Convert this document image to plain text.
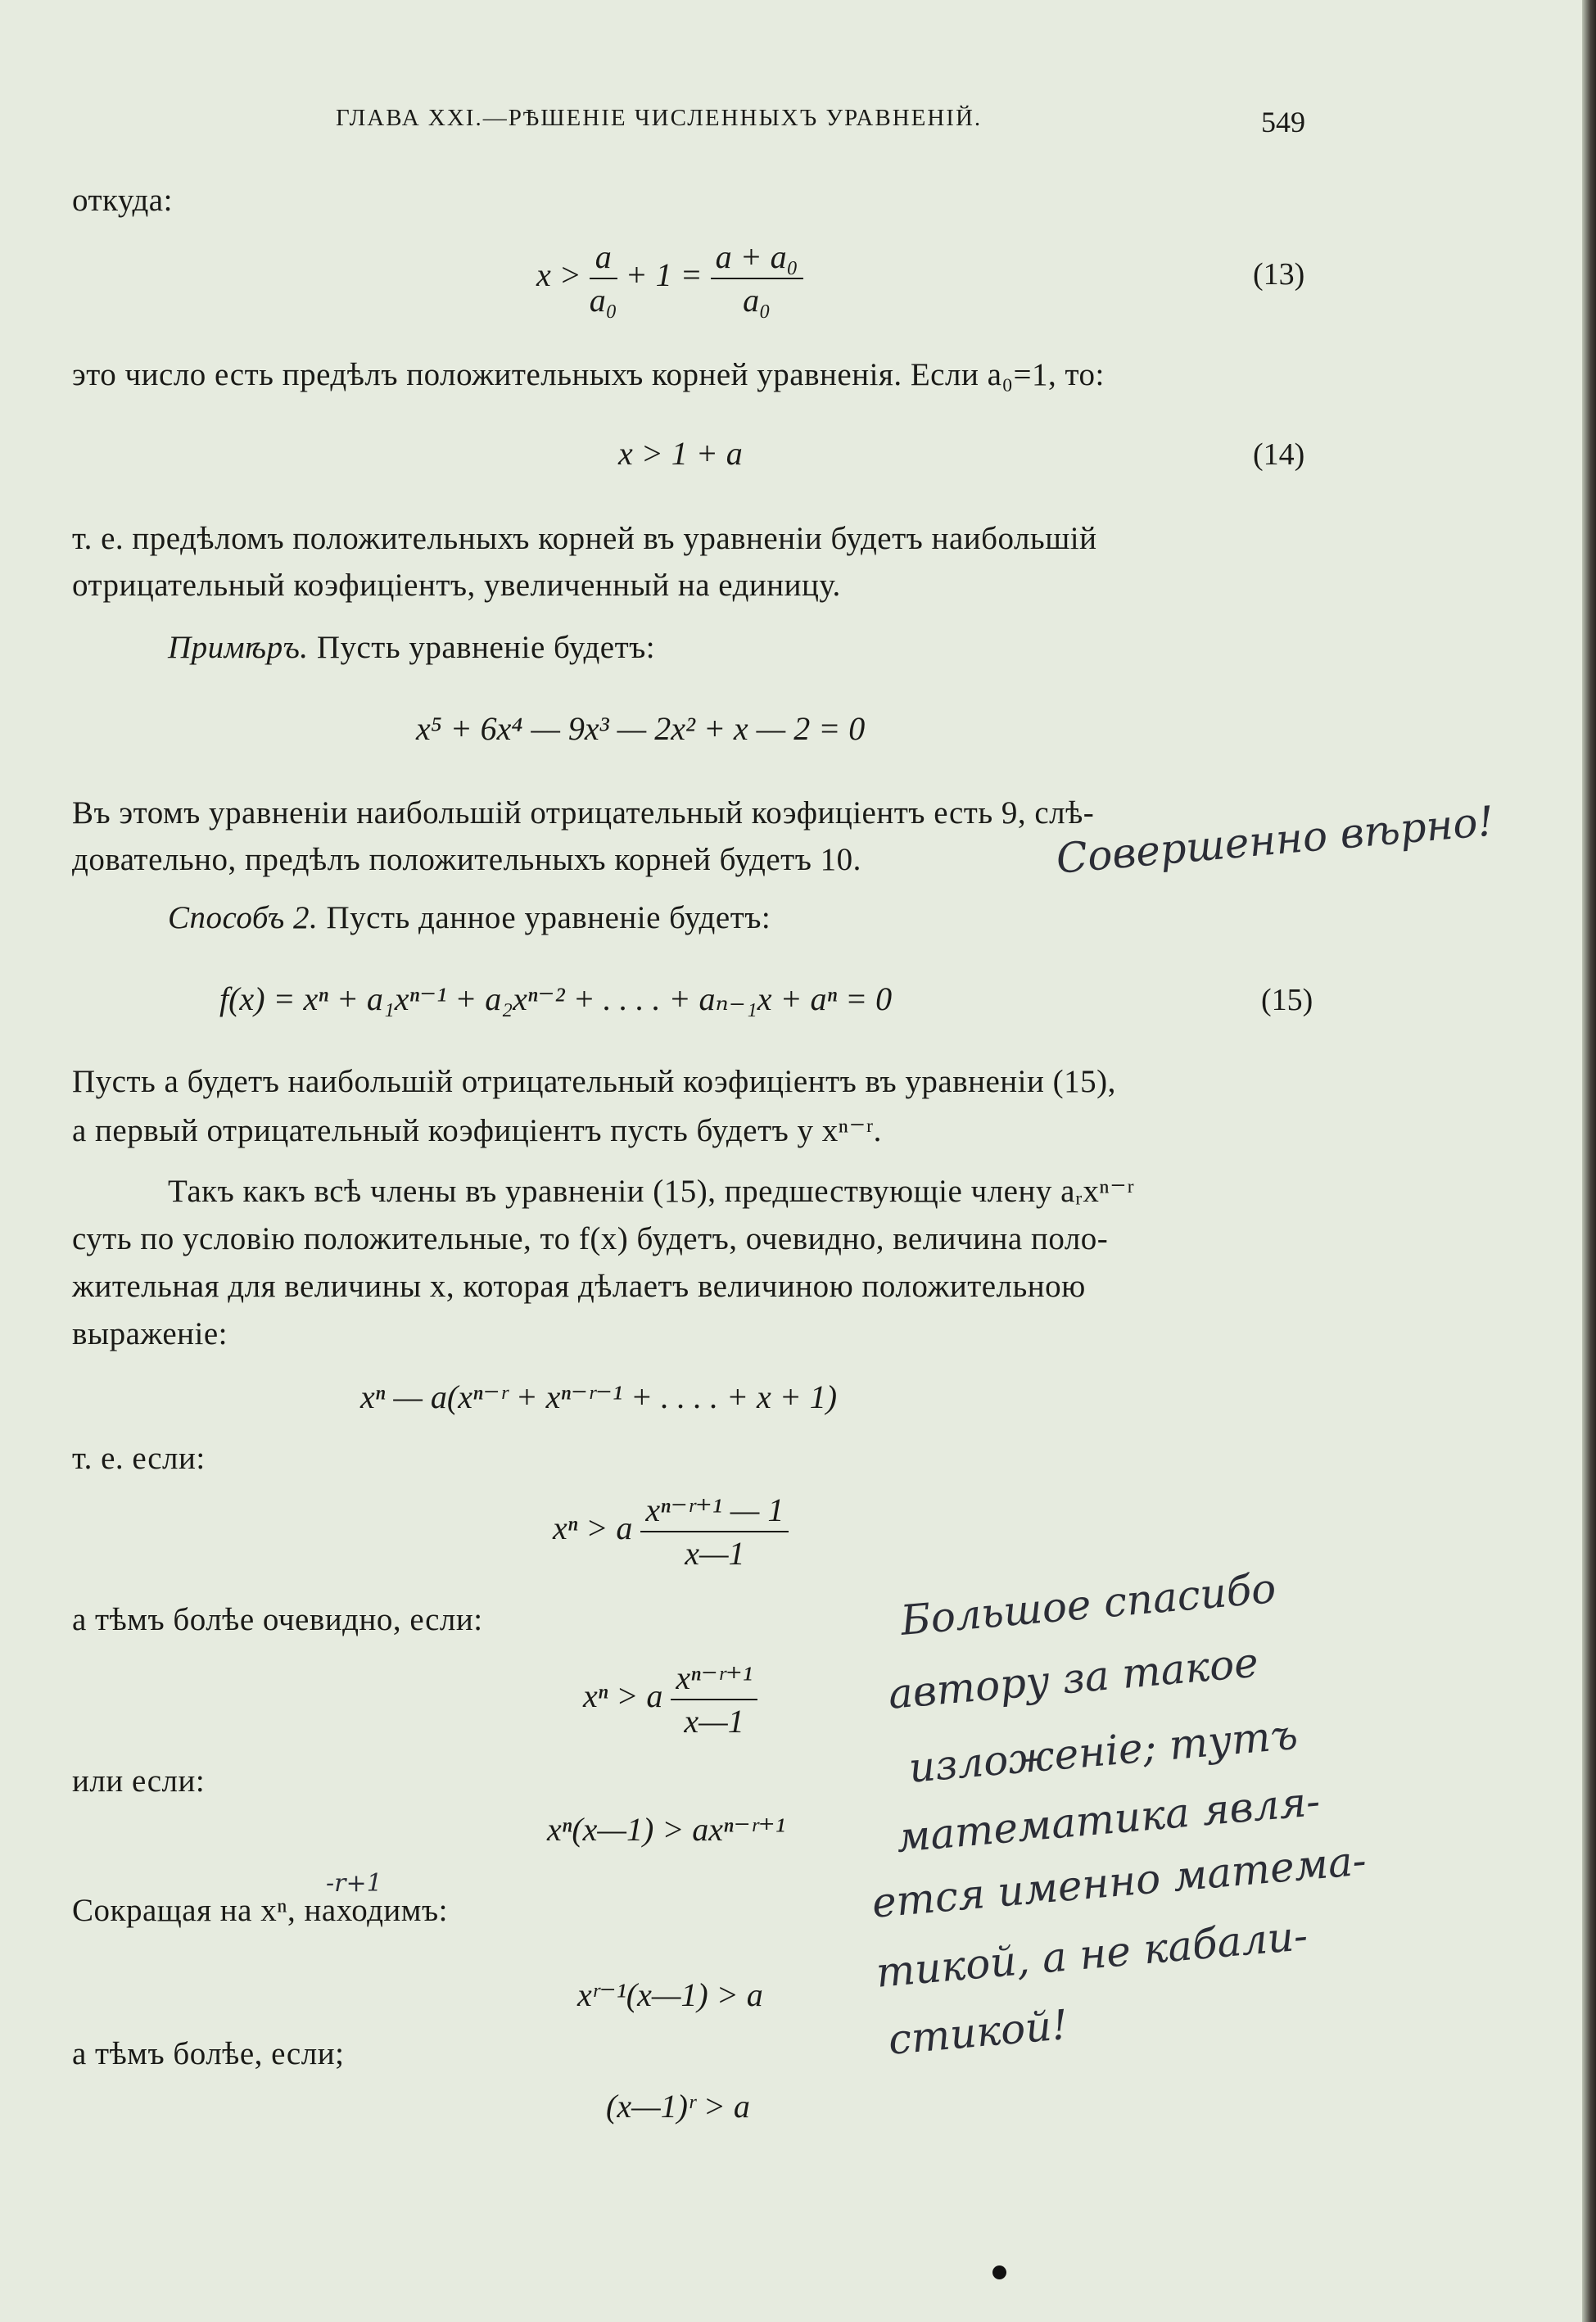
ГЛАВА XXI.—РѢШЕНІЕ ЧИСЛЕННЫХЪ УРАВНЕНІЙ.	549
откуда:
$x > \frac{a}{\text{a₀}} + 1 = \frac{\text{a + a₀}}{\text{a₀}}$	(13)
это число есть предѣлъ положительныхъ корней уравненія. Если a₀=1, то:
x > 1 + a	(14)
т. е. предѣломъ положительныхъ корней въ уравненіи будетъ наибольшій
отрицательный коэфиціентъ, увеличенный на единицу.
Примѣръ. Пусть уравненіе будетъ:
x⁵ + 6x⁴ — 9x³ — 2x² + x — 2 = 0
Въ этомъ уравненіи наибольшій отрицательный коэфиціентъ есть 9, слѣ-
довательно, предѣлъ положительныхъ корней будетъ 10.	Совершенно вѣрно!
Способъ 2. Пусть данное уравненіе будетъ:
f(x) = xⁿ + a₁xⁿ⁻¹ + a₂xⁿ⁻² + . . . . + aₙ₋₁x + aⁿ = 0	(15)
Пусть a будетъ наибольшій отрицательный коэфиціентъ въ уравненіи (15),
а первый отрицательный коэфиціентъ пусть будетъ у xⁿ⁻ʳ.
Такъ какъ всѣ члены въ уравненіи (15), предшествующіе члену aᵣxⁿ⁻ʳ
суть по условію положительные, то f(x) будетъ, очевидно, величина поло-
жительная для величины x, которая дѣлаетъ величиною положительною
выраженіе:
xⁿ — a(xⁿ⁻ʳ + xⁿ⁻ʳ⁻¹ + . . . . + x + 1)
т. е. если:
xⁿ > a $\frac{\text{xⁿ⁻ʳ⁺¹ — 1}}{x—1}$
а тѣмъ болѣе очевидно, если:
xⁿ > a $\frac{\text{xⁿ⁻ʳ⁺¹}}{x—1}$
или если:
xⁿ(x—1) > axⁿ⁻ʳ⁺¹
Сокращая на xⁿ, находимъ:
-r+1
xʳ⁻¹(x—1) > a
а тѣмъ болѣе, если;
(x—1)ʳ > a
Большое спасибо
автору за такое
изложеніе; тутъ
математика явля-
ется именно матема-
тикой, а не кабали-
стикой!
